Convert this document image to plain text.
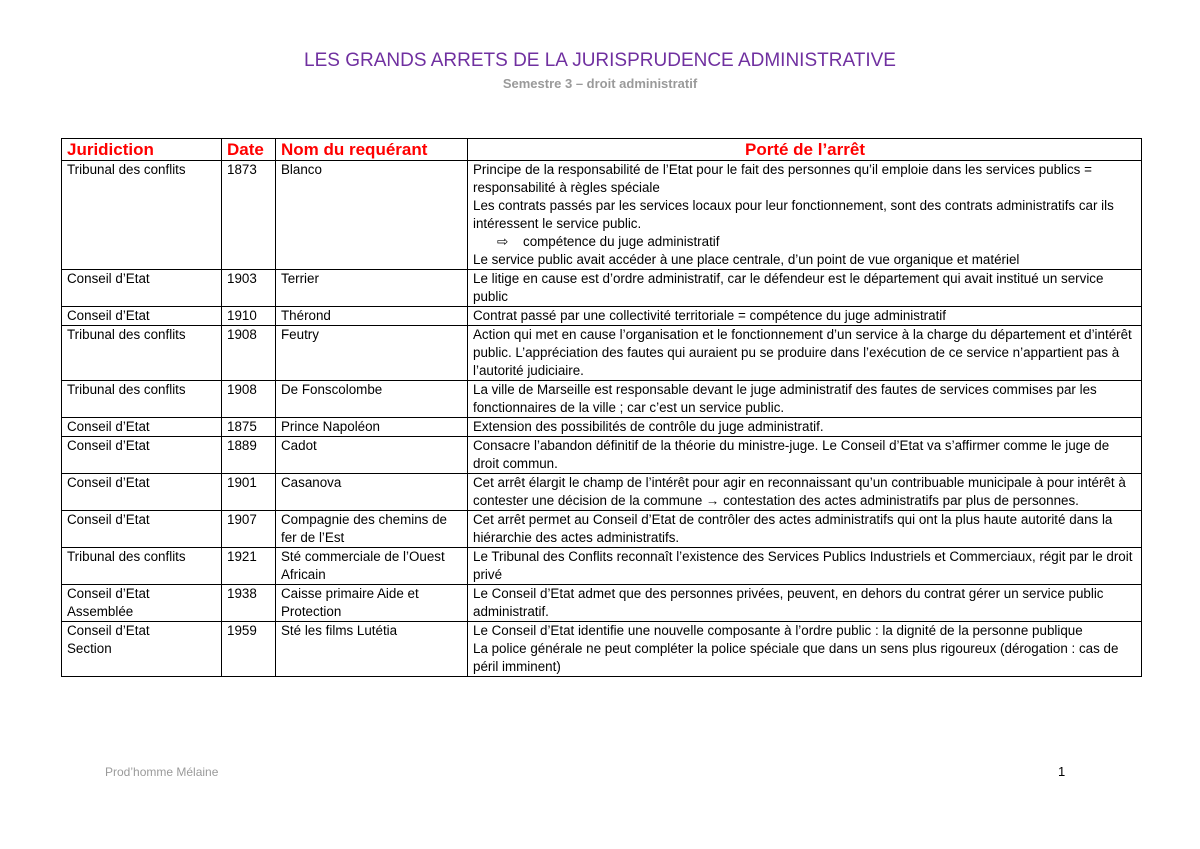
LES GRANDS ARRETS DE LA JURISPRUDENCE ADMINISTRATIVE
Semestre 3 – droit administratif
Juridiction	Date	Nom du requérant	Porté de l’arrêt

Tribunal des conflits	1873	Blanco	Principe de la responsabilité de l’Etat pour le fait des personnes qu’il emploie dans les services publics = responsabilité à règles spéciale
Les contrats passés par les services locaux pour leur fonctionnement, sont des contrats administratifs car ils intéressent le service public.
⇨ compétence du juge administratif
Le service public avait accéder à une place centrale, d’un point de vue organique et matériel

Conseil d’Etat	1903	Terrier	Le litige en cause est d’ordre administratif, car le défendeur est le département qui avait institué un service public

Conseil d’Etat	1910	Thérond	Contrat passé par une collectivité territoriale = compétence du juge administratif

Tribunal des conflits	1908	Feutry	Action qui met en cause l’organisation et le fonctionnement d’un service à la charge du département et d’intérêt public. L’appréciation des fautes qui auraient pu se produire dans l’exécution de ce service n’appartient pas à l’autorité judiciaire.

Tribunal des conflits	1908	De Fonscolombe	La ville de Marseille est responsable devant le juge administratif des fautes de services commises par les fonctionnaires de la ville ; car c’est un service public.

Conseil d’Etat	1875	Prince Napoléon	Extension des possibilités de contrôle du juge administratif.

Conseil d’Etat	1889	Cadot	Consacre l’abandon définitif de la théorie du ministre-juge. Le Conseil d’Etat va s’affirmer comme le juge de droit commun.

Conseil d’Etat	1901	Casanova	Cet arrêt élargit le champ de l’intérêt pour agir en reconnaissant qu’un contribuable municipale à pour intérêt à contester une décision de la commune → contestation des actes administratifs par plus de personnes.

Conseil d’Etat	1907	Compagnie des chemins de fer de l’Est	Cet arrêt permet au Conseil d’Etat de contrôler des actes administratifs qui ont la plus haute autorité dans la hiérarchie des actes administratifs.

Tribunal des conflits	1921	Sté commerciale de l’Ouest Africain	Le Tribunal des Conflits reconnaît l’existence des Services Publics Industriels et Commerciaux, régit par le droit privé

Conseil d’Etat
Assemblée	1938	Caisse primaire Aide et Protection	Le Conseil d’Etat admet que des personnes privées, peuvent, en dehors du contrat gérer un service public administratif.

Conseil d’Etat
Section	1959	Sté les films Lutétia	Le Conseil d’Etat identifie une nouvelle composante à l’ordre public : la dignité de la personne publique
La police générale ne peut compléter la police spéciale que dans un sens plus rigoureux (dérogation : cas de péril imminent)
Prod’homme Mélaine	1
